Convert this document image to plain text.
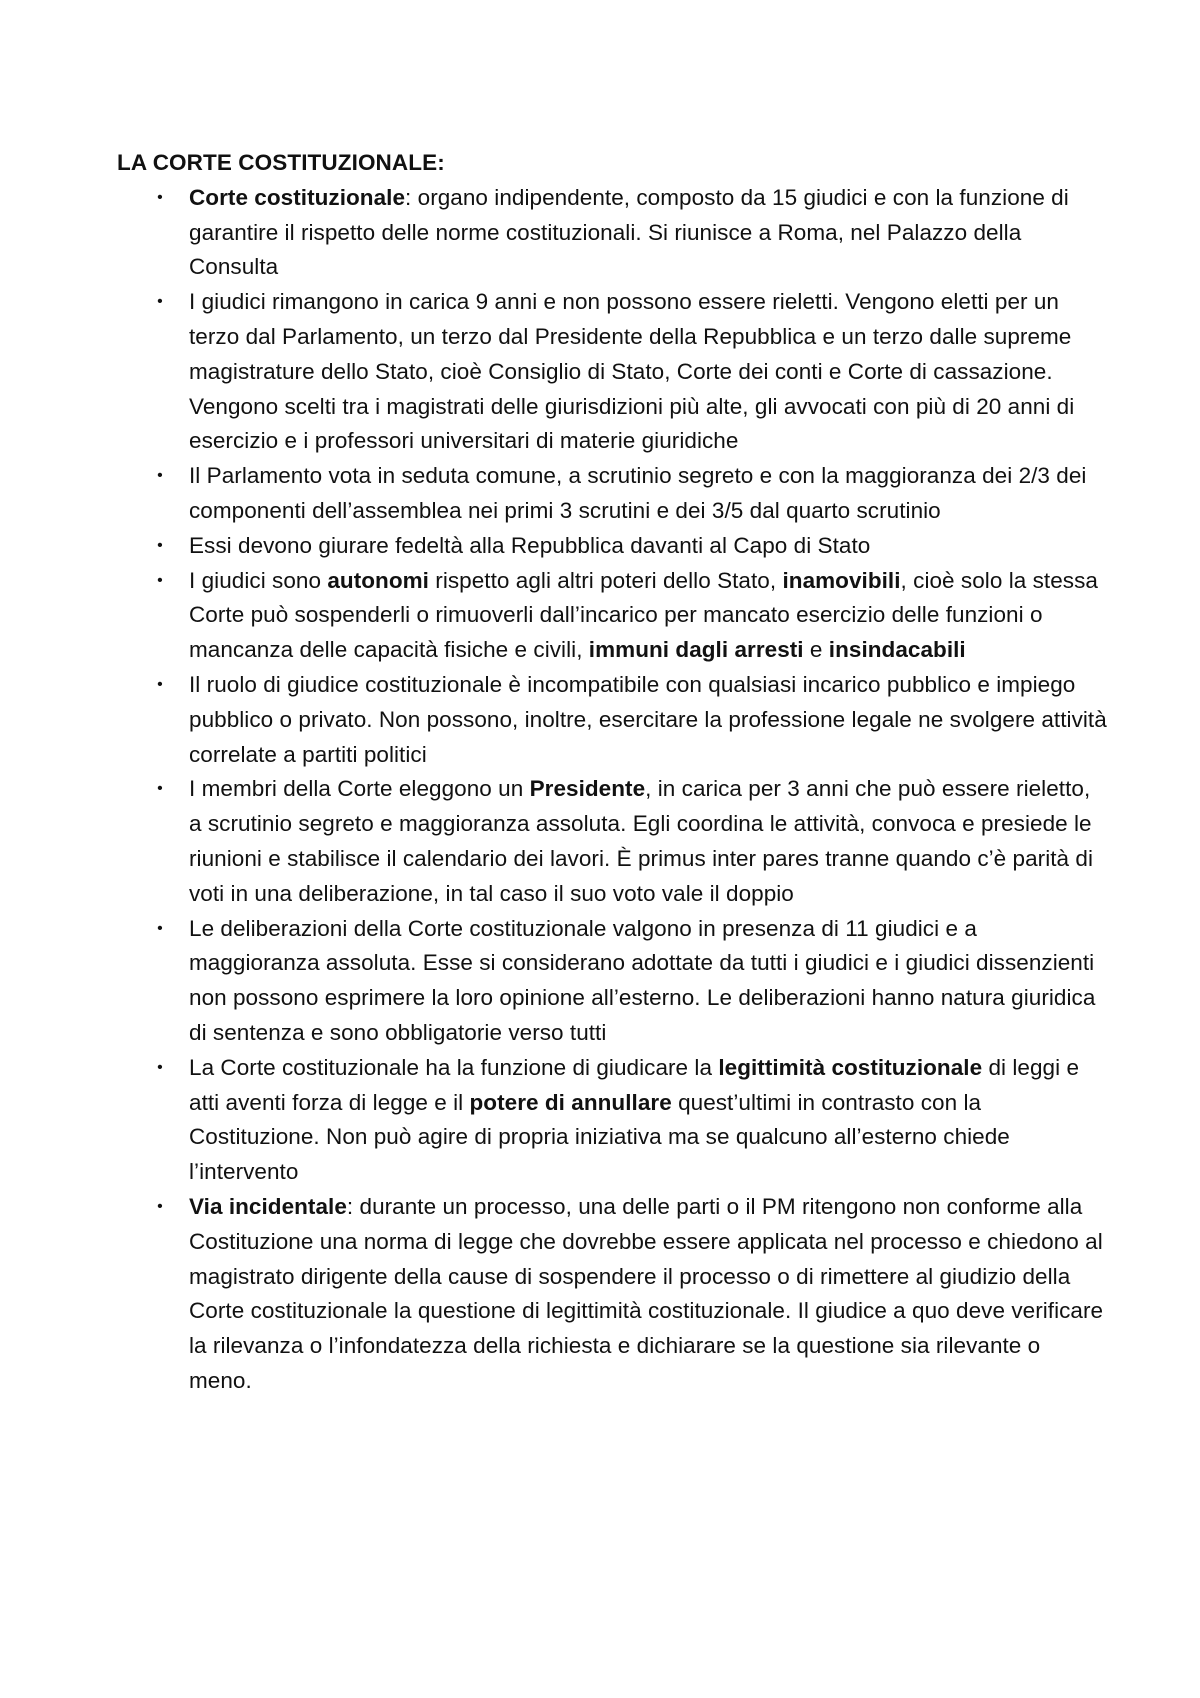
LA CORTE COSTITUZIONALE:
• Corte costituzionale: organo indipendente, composto da 15 giudici e con la funzione di garantire il rispetto delle norme costituzionali. Si riunisce a Roma, nel Palazzo della Consulta
• I giudici rimangono in carica 9 anni e non possono essere rieletti. Vengono eletti per un terzo dal Parlamento, un terzo dal Presidente della Repubblica e un terzo dalle supreme magistrature dello Stato, cioè Consiglio di Stato, Corte dei conti e Corte di cassazione. Vengono scelti tra i magistrati delle giurisdizioni più alte, gli avvocati con più di 20 anni di esercizio e i professori universitari di materie giuridiche
• Il Parlamento vota in seduta comune, a scrutinio segreto e con la maggioranza dei 2/3 dei componenti dell’assemblea nei primi 3 scrutini e dei 3/5 dal quarto scrutinio
• Essi devono giurare fedeltà alla Repubblica davanti al Capo di Stato
• I giudici sono autonomi rispetto agli altri poteri dello Stato, inamovibili, cioè solo la stessa Corte può sospenderli o rimuoverli dall’incarico per mancato esercizio delle funzioni o mancanza delle capacità fisiche e civili, immuni dagli arresti e insindacabili
• Il ruolo di giudice costituzionale è incompatibile con qualsiasi incarico pubblico e impiego pubblico o privato. Non possono, inoltre, esercitare la professione legale ne svolgere attività correlate a partiti politici
• I membri della Corte eleggono un Presidente, in carica per 3 anni che può essere rieletto, a scrutinio segreto e maggioranza assoluta. Egli coordina le attività, convoca e presiede le riunioni e stabilisce il calendario dei lavori. È primus inter pares tranne quando c’è parità di voti in una deliberazione, in tal caso il suo voto vale il doppio
• Le deliberazioni della Corte costituzionale valgono in presenza di 11 giudici e a maggioranza assoluta. Esse si considerano adottate da tutti i giudici e i giudici dissenzienti non possono esprimere la loro opinione all’esterno. Le deliberazioni hanno natura giuridica di sentenza e sono obbligatorie verso tutti
• La Corte costituzionale ha la funzione di giudicare la legittimità costituzionale di leggi e atti aventi forza di legge e il potere di annullare quest’ultimi in contrasto con la Costituzione. Non può agire di propria iniziativa ma se qualcuno all’esterno chiede l’intervento
• Via incidentale: durante un processo, una delle parti o il PM ritengono non conforme alla Costituzione una norma di legge che dovrebbe essere applicata nel processo e chiedono al magistrato dirigente della cause di sospendere il processo o di rimettere al giudizio della Corte costituzionale la questione di legittimità costituzionale. Il giudice a quo deve verificare la rilevanza o l’infondatezza della richiesta e dichiarare se la questione sia rilevante o meno.
